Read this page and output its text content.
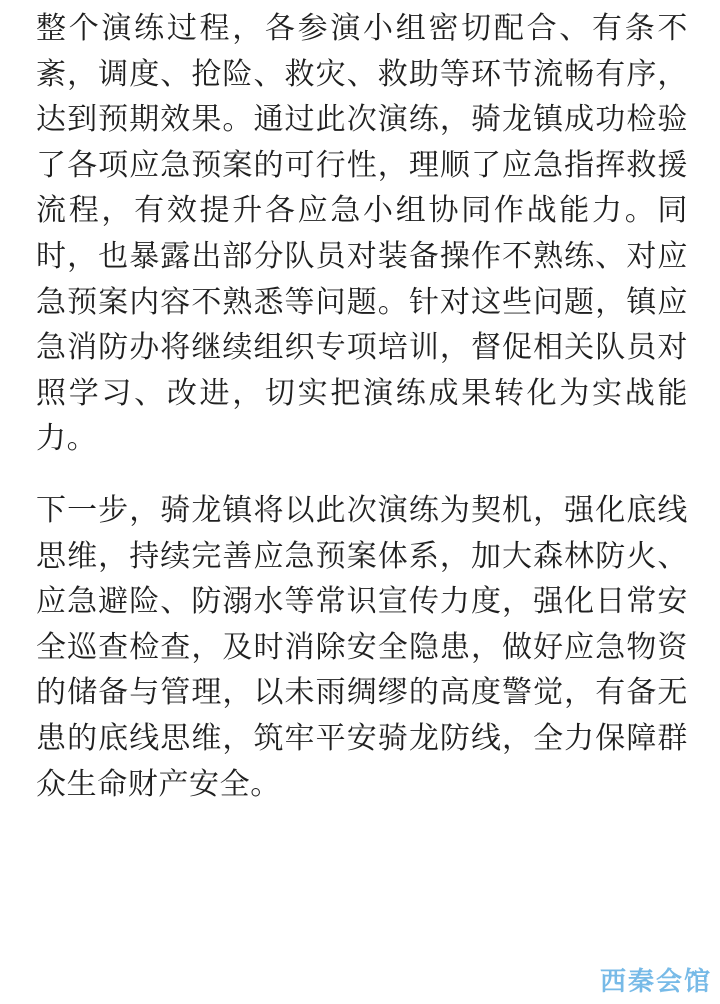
整个演练过程，各参演小组密切配合、有条不紊，调度、抢险、救灾、救助等环节流畅有序，达到预期效果。通过此次演练，骑龙镇成功检验了各项应急预案的可行性，理顺了应急指挥救援流程，有效提升各应急小组协同作战能力。同时，也暴露出部分队员对装备操作不熟练、对应急预案内容不熟悉等问题。针对这些问题，镇应急消防办将继续组织专项培训，督促相关队员对照学习、改进，切实把演练成果转化为实战能力。

下一步，骑龙镇将以此次演练为契机，强化底线思维，持续完善应急预案体系，加大森林防火、应急避险、防溺水等常识宣传力度，强化日常安全巡查检查，及时消除安全隐患，做好应急物资的储备与管理，以未雨绸缪的高度警觉，有备无患的底线思维，筑牢平安骑龙防线，全力保障群众生命财产安全。

西秦会馆
